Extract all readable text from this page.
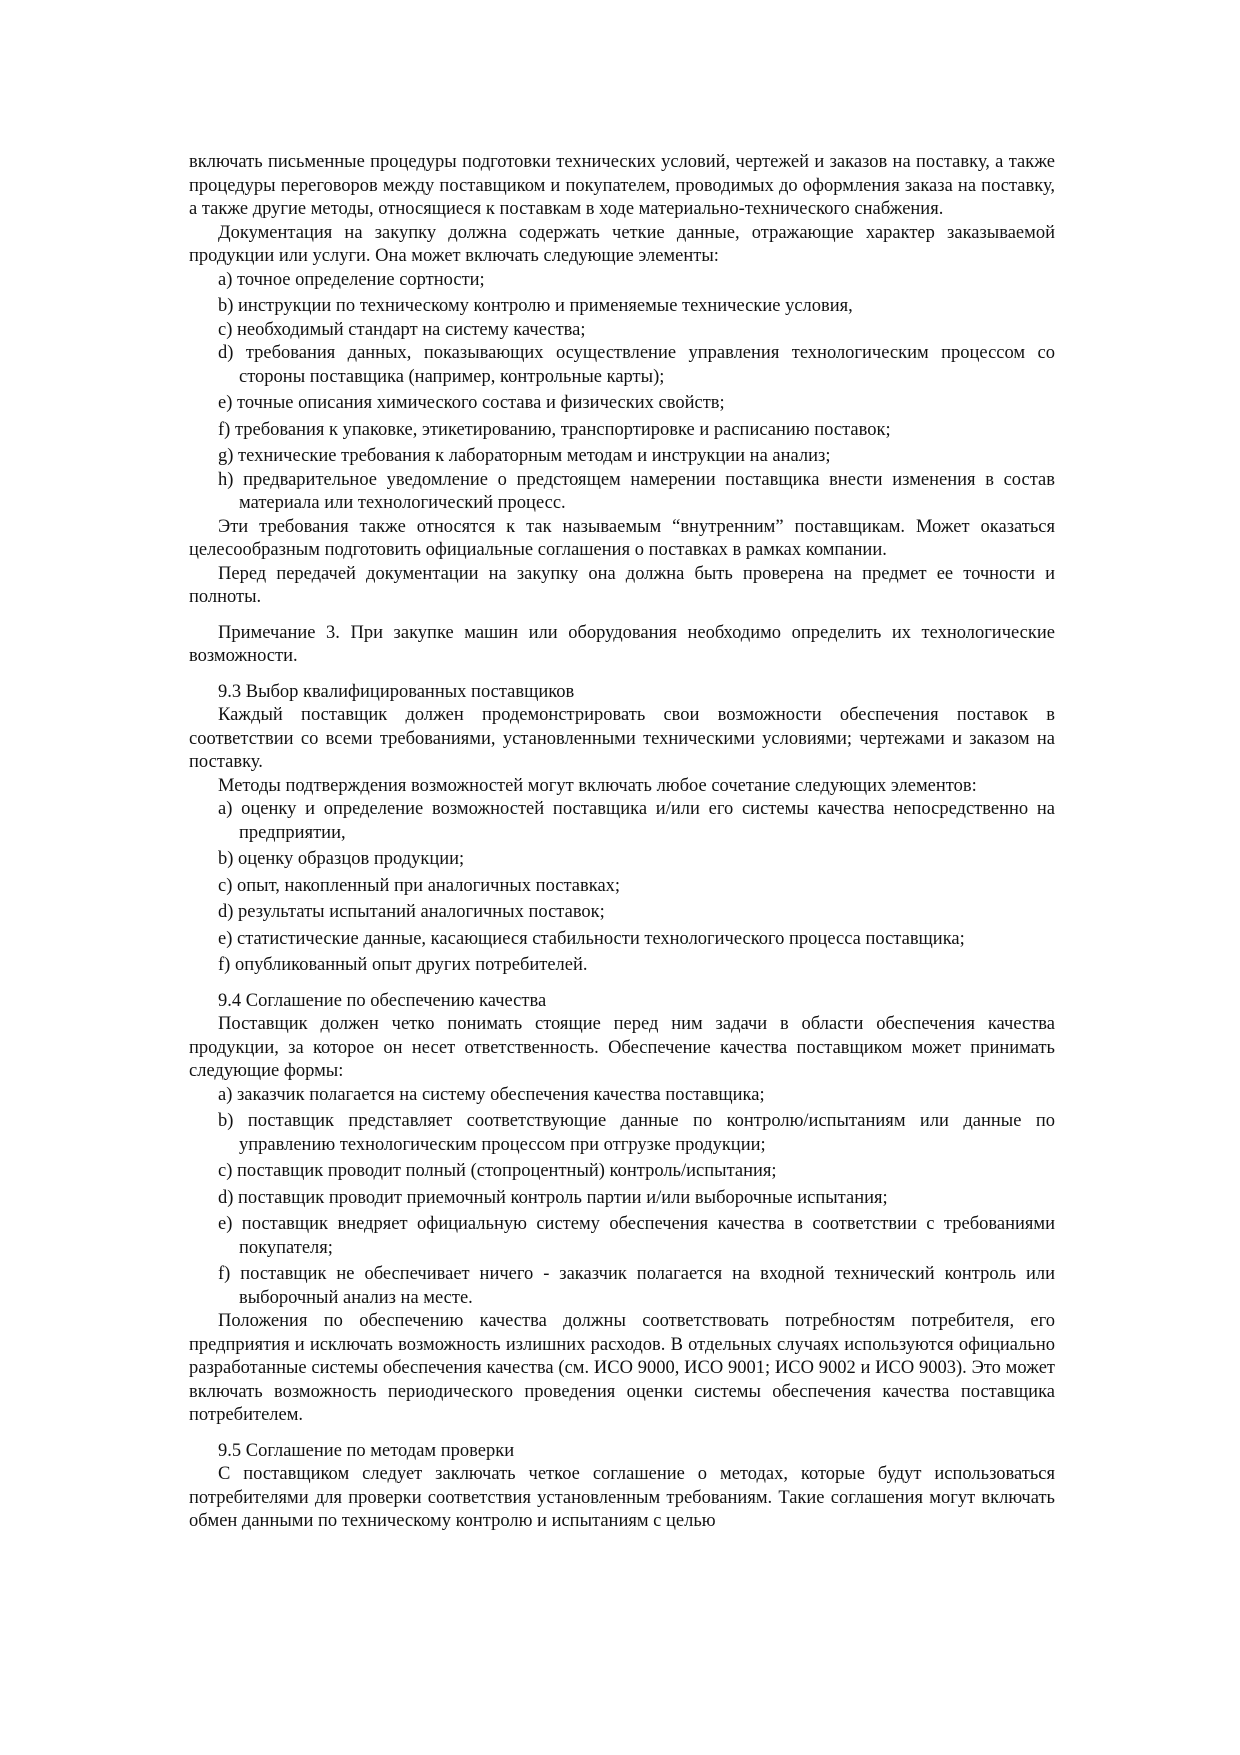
включать письменные процедуры подготовки технических условий, чертежей и заказов на поставку, а также процедуры переговоров между поставщиком и покупателем, проводимых до оформления заказа на поставку, а также другие методы, относящиеся к поставкам в ходе материально-технического снабжения.

Документация на закупку должна содержать четкие данные, отражающие характер заказываемой продукции или услуги. Она может включать следующие элементы:

а) точное определение сортности;

b) инструкции по техническому контролю и применяемые технические условия,

c) необходимый стандарт на систему качества;

d) требования данных, показывающих осуществление управления технологическим процессом со стороны поставщика (например, контрольные карты);

e) точные описания химического состава и физических свойств;

f) требования к упаковке, этикетированию, транспортировке и расписанию поставок;

g) технические требования к лабораторным методам и инструкции на анализ;

h) предварительное уведомление о предстоящем намерении поставщика внести изменения в состав материала или технологический процесс.

Эти требования также относятся к так называемым “внутренним” поставщикам. Может оказаться целесообразным подготовить официальные соглашения о поставках в рамках компании.

Перед передачей документации на закупку она должна быть проверена на предмет ее точности и полноты.

Примечание 3. При закупке машин или оборудования необходимо определить их технологические возможности.

9.3 Выбор квалифицированных поставщиков

Каждый поставщик должен продемонстрировать свои возможности обеспечения поставок в соответствии со всеми требованиями, установленными техническими условиями; чертежами и заказом на поставку.

Методы подтверждения возможностей могут включать любое сочетание следующих элементов:

а) оценку и определение возможностей поставщика и/или его системы качества непосредственно на предприятии,

b) оценку образцов продукции;

c) опыт, накопленный при аналогичных поставках;

d) результаты испытаний аналогичных поставок;

e) статистические данные, касающиеся стабильности технологического процесса поставщика;

f) опубликованный опыт других потребителей.

9.4 Соглашение по обеспечению качества

Поставщик должен четко понимать стоящие перед ним задачи в области обеспечения качества продукции, за которое он несет ответственность. Обеспечение качества поставщиком может принимать следующие формы:

а) заказчик полагается на систему обеспечения качества поставщика;

b) поставщик представляет соответствующие данные по контролю/испытаниям или данные по управлению технологическим процессом при отгрузке продукции;

c) поставщик проводит полный (стопроцентный) контроль/испытания;

d) поставщик проводит приемочный контроль партии и/или выборочные испытания;

e) поставщик внедряет официальную систему обеспечения качества в соответствии с требованиями покупателя;

f) поставщик не обеспечивает ничего - заказчик полагается на входной технический контроль или выборочный анализ на месте.

Положения по обеспечению качества должны соответствовать потребностям потребителя, его предприятия и исключать возможность излишних расходов. В отдельных случаях используются официально разработанные системы обеспечения качества (см. ИСО 9000, ИСО 9001; ИСО 9002 и ИСО 9003). Это может включать возможность периодического проведения оценки системы обеспечения качества поставщика потребителем.

9.5 Соглашение по методам проверки

С поставщиком следует заключать четкое соглашение о методах, которые будут использоваться потребителями для проверки соответствия установленным требованиям. Такие соглашения могут включать обмен данными по техническому контролю и испытаниям с целью
